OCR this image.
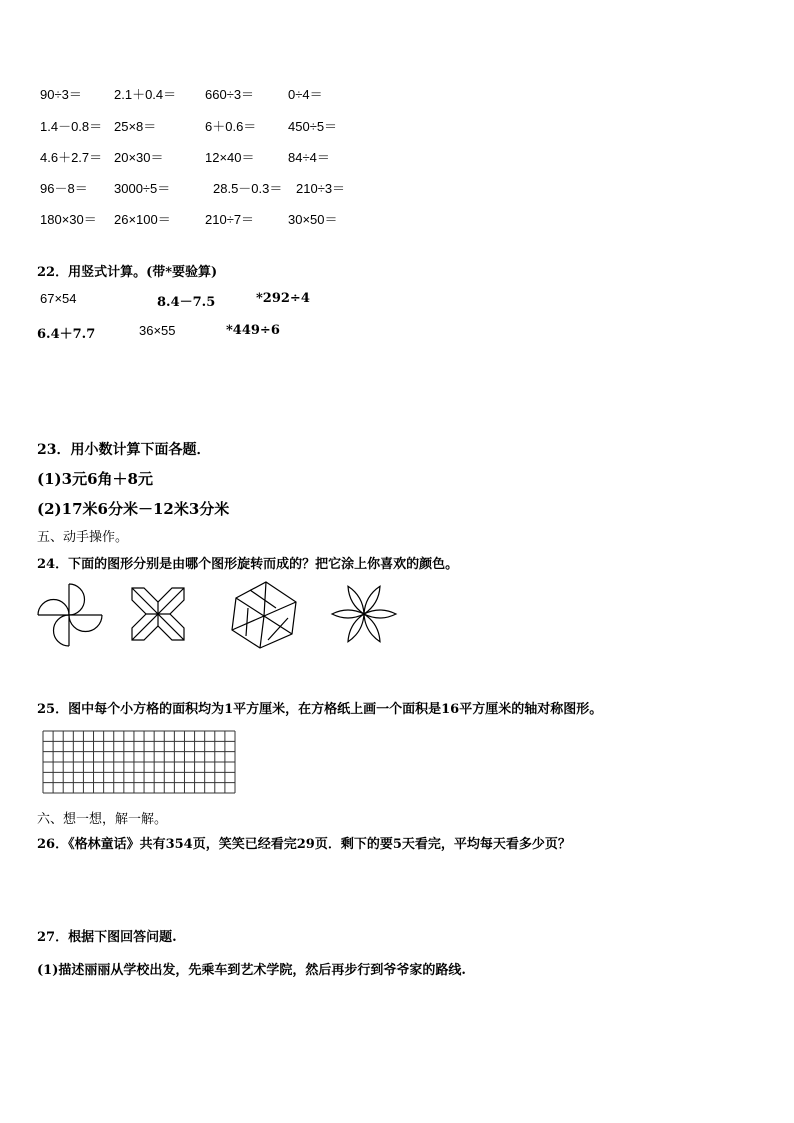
90÷3＝ 2.1＋0.4＝ 660÷3＝	0÷4＝
1.4－0.8＝ 25×8＝	6＋0.6＝ 450÷5＝
4.6＋2.7＝ 20×30＝	12×40＝	84÷4＝
96－8＝ 3000÷5＝	28.5－0.3＝ 210÷3＝
180×30＝ 26×100＝	210÷7＝	30×50＝
22．用竖式计算。(带*要验算)
67×54	8.4－7.5	*292÷4
6.4＋7.7	36×55	*449÷6
23．用小数计算下面各题．
(1)3元6角＋8元
(2)17米6分米－12米3分米
五、动手操作。
24．下面的图形分别是由哪个图形旋转而成的？把它涂上你喜欢的颜色。
25．图中每个小方格的面积均为1平方厘米，在方格纸上画一个面积是16平方厘米的轴对称图形。
六、想一想，解一解。
26．《格林童话》共有354页，笑笑已经看完29页．剩下的要5天看完，平均每天看多少页？
27．根据下图回答问题.
(1)描述丽丽从学校出发，先乘车到艺术学院，然后再步行到爷爷家的路线.
